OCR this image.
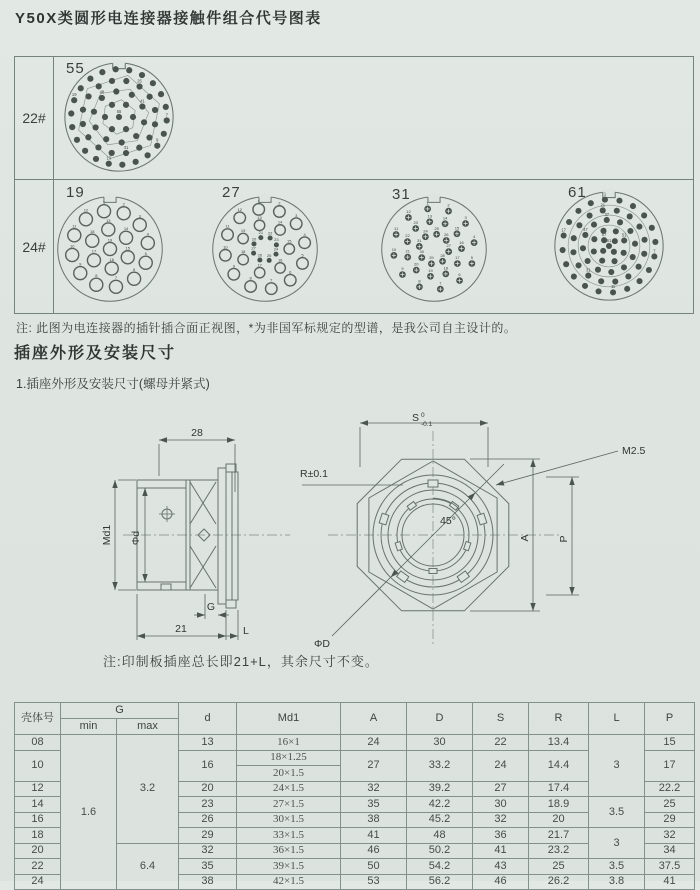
Y50X类圆形电连接器接触件组合代号图表
22#
55
7
9
13
19
25
31
41
48
55
24#
19
1	2
3
4
5
6
7
8
9
10
11
12
13
14
15
16
17
18
19
27	1	2
3
4
5
6
7
8
9
10
11
12
13
14
15
16
17
18
19
20
21 22
23
24
25
26
27
31	1	2
3
4
5
6
7
8
9
10
11
12
13	14
15
16
17
18
19
20
21
22
23
24 25
26
27
28
29
30
31
61	1
7
11
17
21
31
37
47
51
57
61
注: 此图为电连接器的插针插合面正视图，*为非国军标规定的型谱，是我公司自主设计的。
插座外形及安装尺寸
1.插座外形及安装尺寸(螺母并紧式)
28
Md1 Φd
G
21	L
S 0
-0.1
M2.5
R±0.1
45°
ΦD
A	P
注:印制板插座总长即21+L，其余尺寸不变。
壳体号	G		d	Md1	A	D	S	R	L	P
	min	max								
08	1.6	3.2	13	16×1	24	30	22	13.4	3	15
10			16	18×1.25	27	33.2	24	14.4		17
				20×1.5						
12			20	24×1.5	32	39.2	27	17.4		22.2
14			23	27×1.5	35	42.2	30	18.9	3.5	25
16			26	30×1.5	38	45.2	32	20		29
18			29	33×1.5	41	48	36	21.7	3	32
20		6.4	32	36×1.5	46	50.2	41	23.2		34
22			35	39×1.5	50	54.2	43	25	3.5	37.5
24			38	42×1.5	53	56.2	46	26.2	3.8	41
